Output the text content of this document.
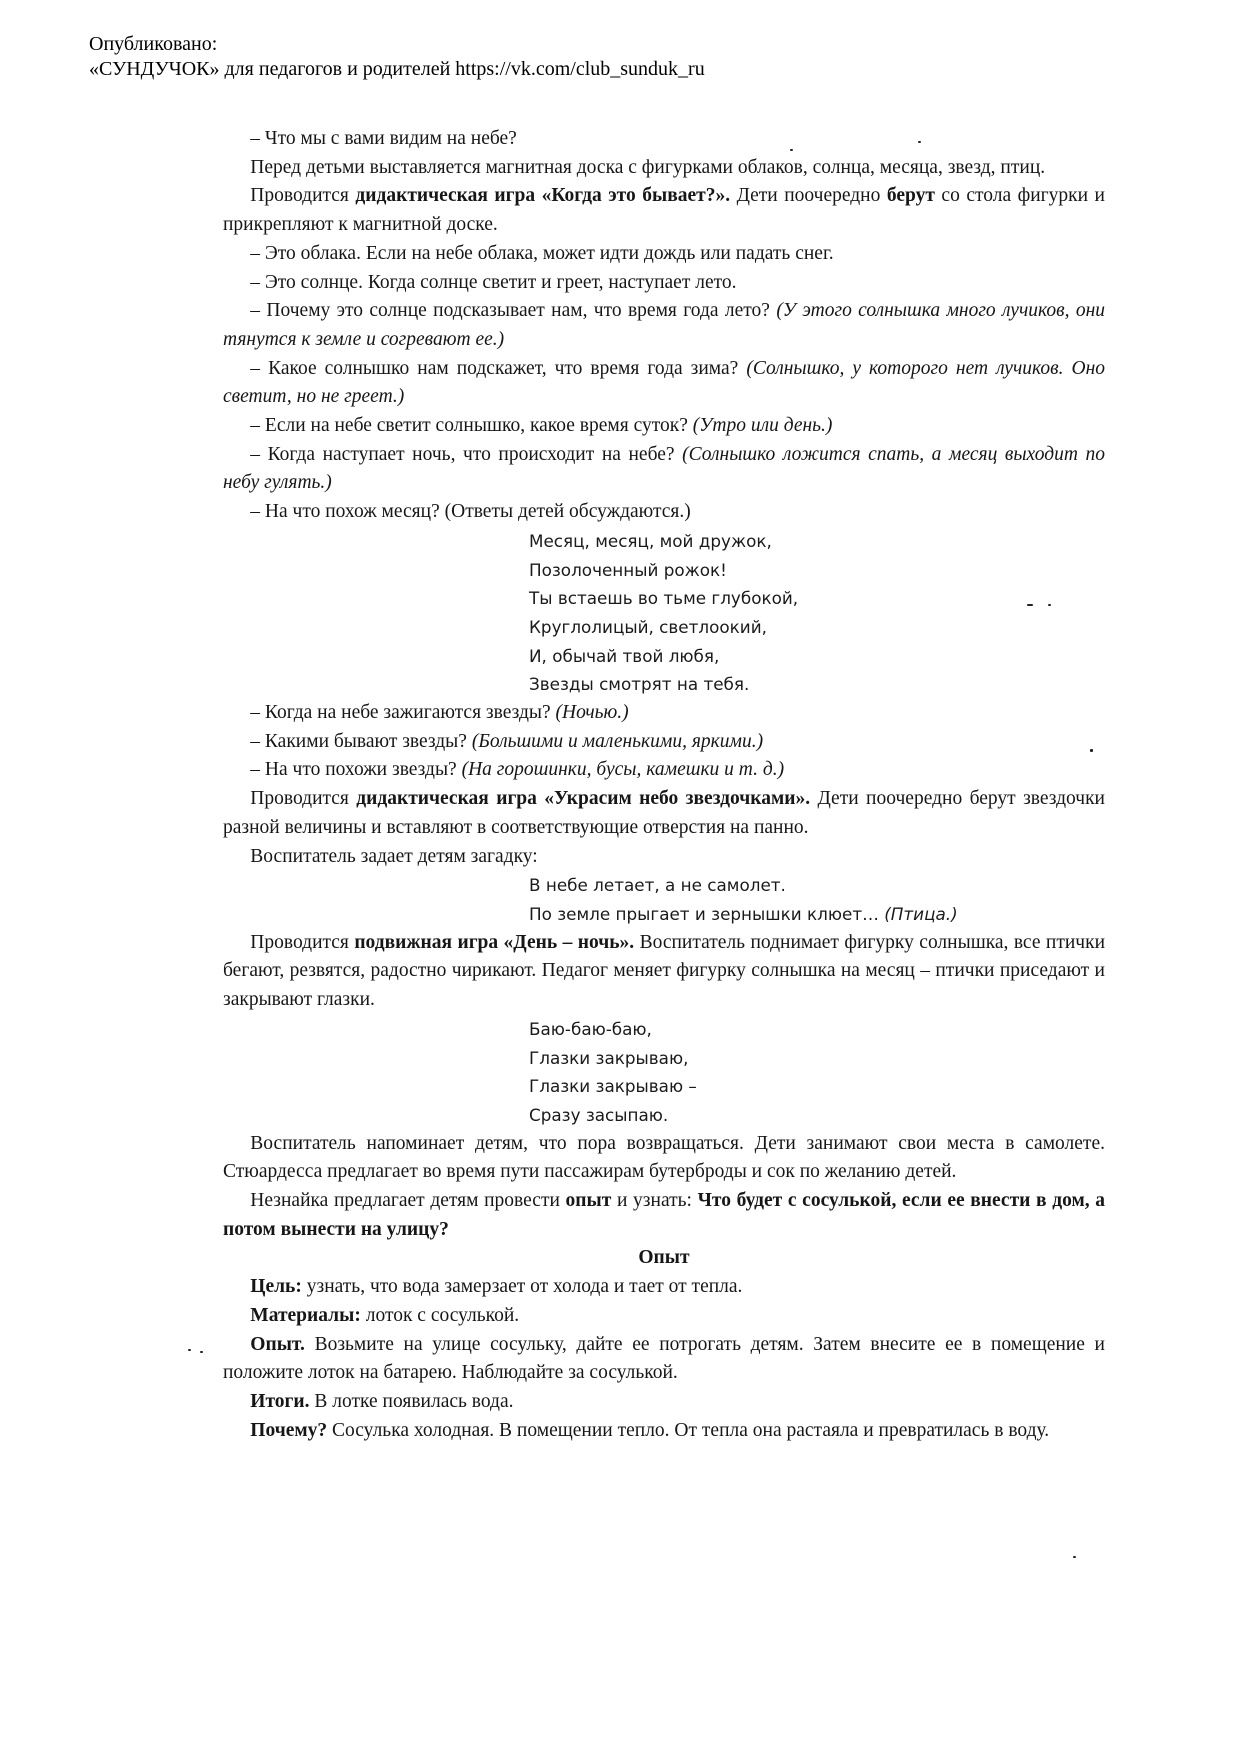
Опубликовано:
«СУНДУЧОК» для педагогов и родителей https://vk.com/club_sunduk_ru

– Что мы с вами видим на небе?

Перед детьми выставляется магнитная доска с фигурками облаков, солнца, месяца, звезд, птиц.

Проводится дидактическая игра «Когда это бывает?». Дети поочередно берут со стола фигурки и прикрепляют к магнитной доске.

– Это облака. Если на небе облака, может идти дождь или падать снег.

– Это солнце. Когда солнце светит и греет, наступает лето.

– Почему это солнце подсказывает нам, что время года лето? (У этого солнышка много лучиков, они тянутся к земле и согревают ее.)

– Какое солнышко нам подскажет, что время года зима? (Солнышко, у которого нет лучиков. Оно светит, но не греет.)

– Если на небе светит солнышко, какое время суток? (Утро или день.)

– Когда наступает ночь, что происходит на небе? (Солнышко ложится спать, а месяц выходит по небу гулять.)

– На что похож месяц? (Ответы детей обсуждаются.)

Месяц, месяц, мой дружок,
Позолоченный рожок!
Ты встаешь во тьме глубокой,
Круглолицый, светлоокий,
И, обычай твой любя,
Звезды смотрят на тебя.

– Когда на небе зажигаются звезды? (Ночью.)

– Какими бывают звезды? (Большими и маленькими, яркими.)

– На что похожи звезды? (На горошинки, бусы, камешки и т. д.)

Проводится дидактическая игра «Украсим небо звездочками». Дети поочередно берут звездочки разной величины и вставляют в соответствующие отверстия на панно.

Воспитатель задает детям загадку:

В небе летает, а не самолет.
По земле прыгает и зернышки клюет… (Птица.)

Проводится подвижная игра «День – ночь». Воспитатель поднимает фигурку солнышка, все птички бегают, резвятся, радостно чирикают. Педагог меняет фигурку солнышка на месяц – птички приседают и закрывают глазки.

Баю-баю-баю,
Глазки закрываю,
Глазки закрываю –
Сразу засыпаю.

Воспитатель напоминает детям, что пора возвращаться. Дети занимают свои места в самолете. Стюардесса предлагает во время пути пассажирам бутерброды и сок по желанию детей.

Незнайка предлагает детям провести опыт и узнать: Что будет с сосулькой, если ее внести в дом, а потом вынести на улицу?

Опыт

Цель: узнать, что вода замерзает от холода и тает от тепла.

Материалы: лоток с сосулькой.

Опыт. Возьмите на улице сосульку, дайте ее потрогать детям. Затем внесите ее в помещение и положите лоток на батарею. Наблюдайте за сосулькой.

Итоги. В лотке появилась вода.

Почему? Сосулька холодная. В помещении тепло. От тепла она растаяла и превратилась в воду.
